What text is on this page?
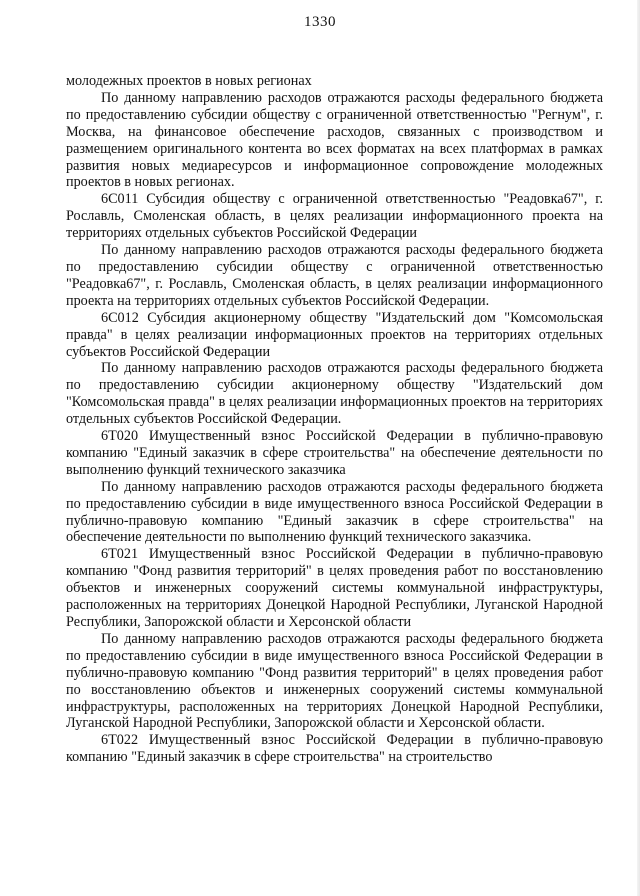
1330

молодежных проектов в новых регионах

По данному направлению расходов отражаются расходы федерального бюджета по предоставлению субсидии обществу с ограниченной ответственностью "Регнум", г. Москва, на финансовое обеспечение расходов, связанных с производством и размещением оригинального контента во всех форматах на всех платформах в рамках развития новых медиаресурсов и информационное сопровождение молодежных проектов в новых регионах.

6С011 Субсидия обществу с ограниченной ответственностью "Реадовка67", г. Рославль, Смоленская область, в целях реализации информационного проекта на территориях отдельных субъектов Российской Федерации

По данному направлению расходов отражаются расходы федерального бюджета по предоставлению субсидии обществу с ограниченной ответственностью "Реадовка67", г. Рославль, Смоленская область, в целях реализации информационного проекта на территориях отдельных субъектов Российской Федерации.

6С012 Субсидия акционерному обществу "Издательский дом "Комсомольская правда" в целях реализации информационных проектов на территориях отдельных субъектов Российской Федерации

По данному направлению расходов отражаются расходы федерального бюджета по предоставлению субсидии акционерному обществу "Издательский дом "Комсомольская правда" в целях реализации информационных проектов на территориях отдельных субъектов Российской Федерации.

6Т020 Имущественный взнос Российской Федерации в публично-правовую компанию "Единый заказчик в сфере строительства" на обеспечение деятельности по выполнению функций технического заказчика

По данному направлению расходов отражаются расходы федерального бюджета по предоставлению субсидии в виде имущественного взноса Российской Федерации в публично-правовую компанию "Единый заказчик в сфере строительства" на обеспечение деятельности по выполнению функций технического заказчика.

6Т021 Имущественный взнос Российской Федерации в публично-правовую компанию "Фонд развития территорий" в целях проведения работ по восстановлению объектов и инженерных сооружений системы коммунальной инфраструктуры, расположенных на территориях Донецкой Народной Республики, Луганской Народной Республики, Запорожской области и Херсонской области

По данному направлению расходов отражаются расходы федерального бюджета по предоставлению субсидии в виде имущественного взноса Российской Федерации в публично-правовую компанию "Фонд развития территорий" в целях проведения работ по восстановлению объектов и инженерных сооружений системы коммунальной инфраструктуры, расположенных на территориях Донецкой Народной Республики, Луганской Народной Республики, Запорожской области и Херсонской области.

6Т022 Имущественный взнос Российской Федерации в публично-правовую компанию "Единый заказчик в сфере строительства" на строительство
